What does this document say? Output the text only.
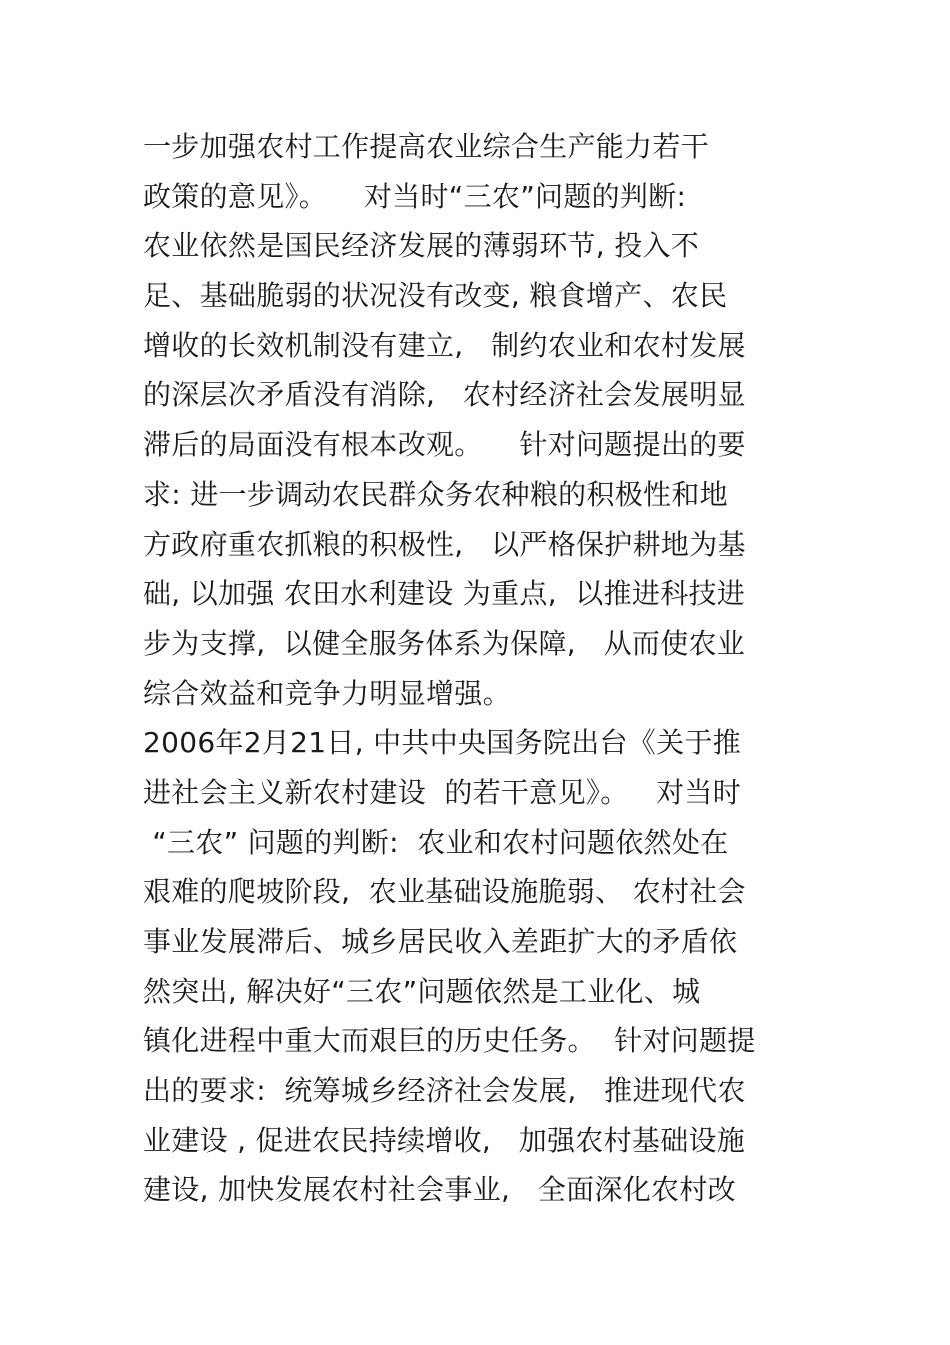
一步加强农村工作提高农业综合生产能力若干
政策的意见》。    对当时“三农”问题的判断:
农业依然是国民经济发展的薄弱环节, 投入不
足、基础脆弱的状况没有改变, 粮食增产、农民
增收的长效机制没有建立,   制约农业和农村发展
的深层次矛盾没有消除,   农村经济社会发展明显
滞后的局面没有根本改观。    针对问题提出的要
求: 进一步调动农民群众务农种粮的积极性和地
方政府重农抓粮的积极性,   以严格保护耕地为基
础, 以加强 农田水利建设 为重点,  以推进科技进
步为支撑,  以健全服务体系为保障,   从而使农业
综合效益和竞争力明显增强。
2006年2月21日, 中共中央国务院出台《关于推
进社会主义新农村建设  的若干意见》。   对当时
“三农” 问题的判断:  农业和农村问题依然处在
艰难的爬坡阶段,  农业基础设施脆弱、 农村社会
事业发展滞后、城乡居民收入差距扩大的矛盾依
然突出, 解决好“三农”问题依然是工业化、城
镇化进程中重大而艰巨的历史任务。  针对问题提
出的要求:  统筹城乡经济社会发展,   推进现代农
业建设 , 促进农民持续增收,   加强农村基础设施
建设, 加快发展农村社会事业,   全面深化农村改
